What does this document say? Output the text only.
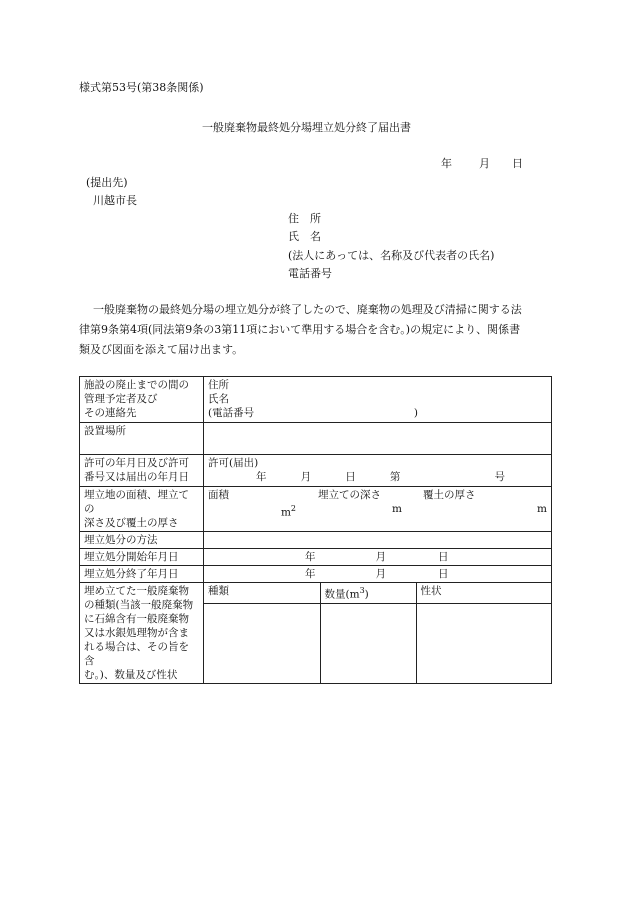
様式第53号(第38条関係)
一般廃棄物最終処分場埋立処分終了届出書
年 月 日
(提出先)
川越市長
住　所
氏　名
(法人にあっては、名称及び代表者の氏名)
電話番号
一般廃棄物の最終処分場の埋立処分が終了したので、廃棄物の処理及び清掃に関する法
律第9条第4項(同法第9条の3第11項において準用する場合を含む。)の規定により、関係書
類及び図面を添えて届け出ます。
施設の廃止までの間の
管理予定者及び
その連絡先

住所
氏名
(電話番号	)

設置場所

許可の年月日及び許可
番号又は届出の年月日

許可(届出)
年	月	日	第	号

埋立地の面積、埋立ての
深さ及び覆土の厚さ

面積	埋立ての深さ	覆土の厚さ
$m^2$	m	m

埋立処分の方法

埋立処分開始年月日	年	月	日

埋立処分終了年月日	年	月	日

埋め立てた一般廃棄物
の種類(当該一般廃棄物
に石綿含有一般廃棄物
又は水銀処理物が含ま
れる場合は、その旨を含
む。)、数量及び性状

種類	数量$(m^3)$	性状
